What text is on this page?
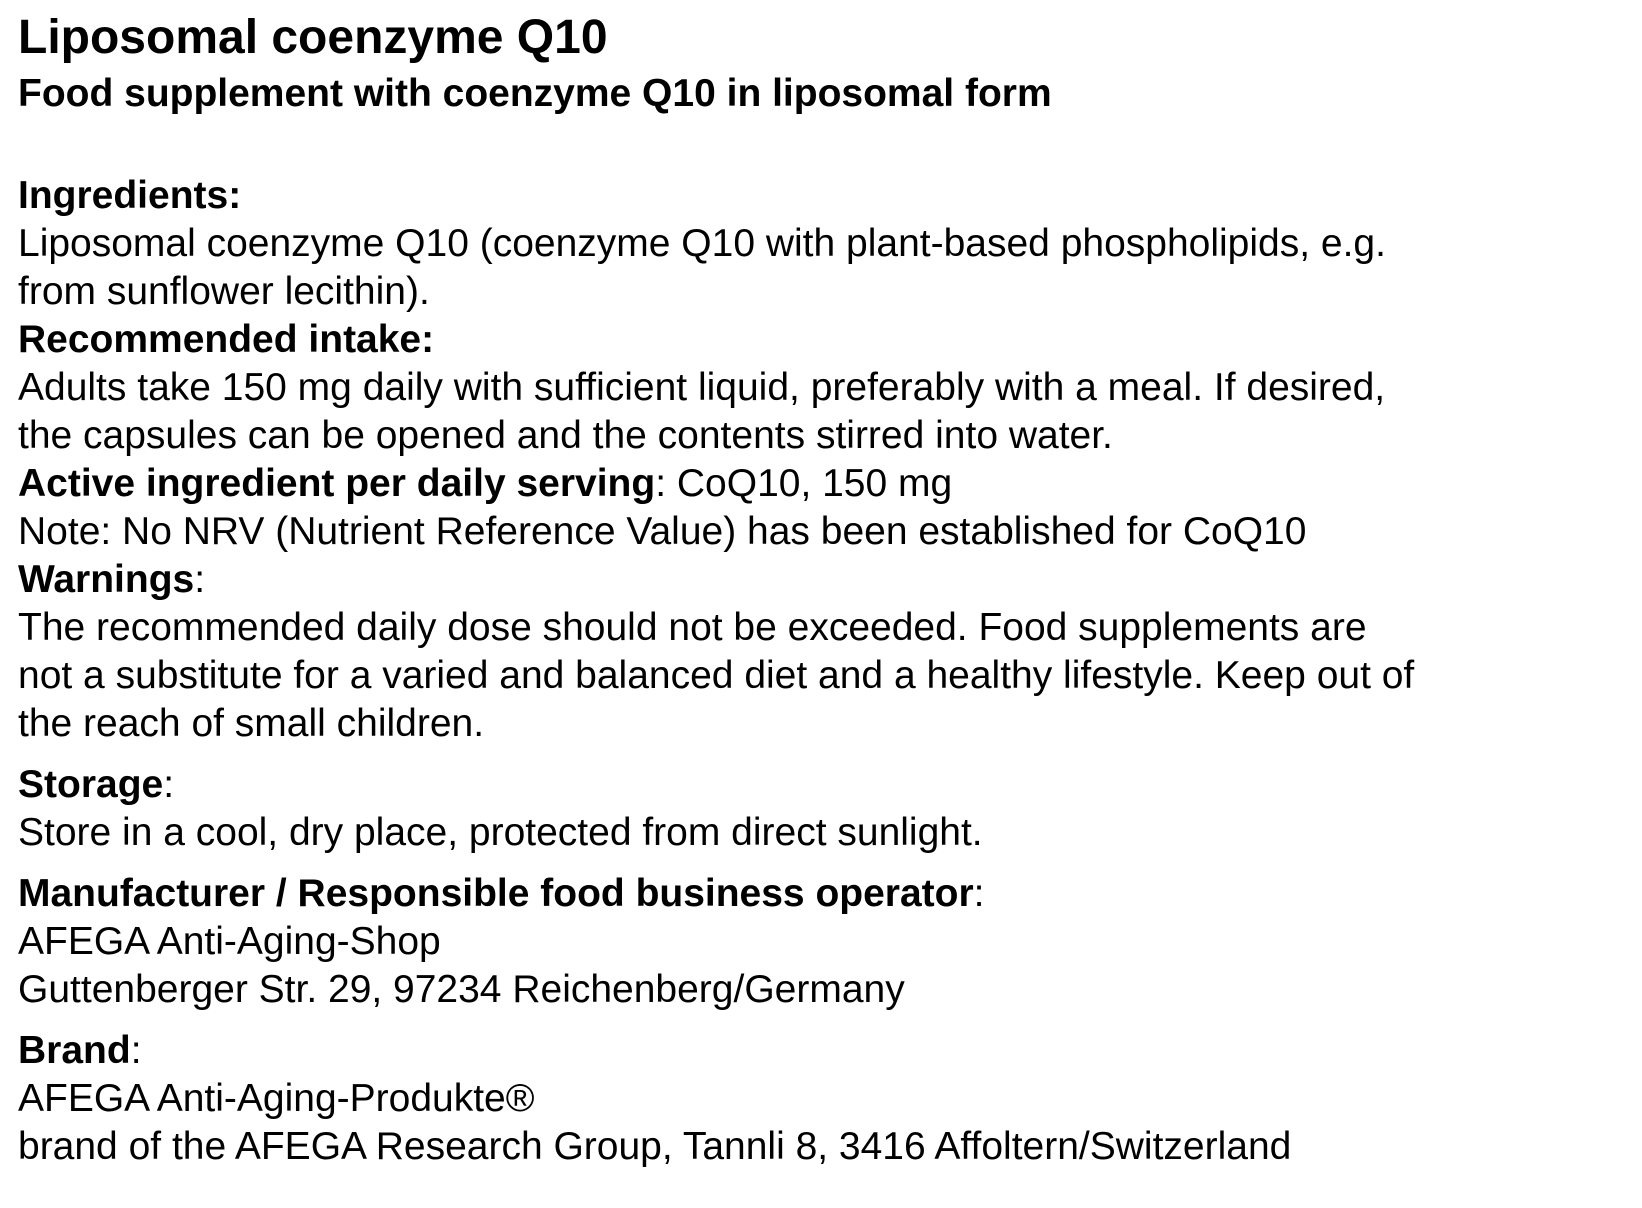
Liposomal coenzyme Q10
Food supplement with coenzyme Q10 in liposomal form

Ingredients:

Liposomal coenzyme Q10 (coenzyme Q10 with plant-based phospholipids, e.g.

from sunflower lecithin).

Recommended intake:

Adults take 150 mg daily with sufficient liquid, preferably with a meal. If desired,

the capsules can be opened and the contents stirred into water.

Active ingredient per daily serving: CoQ10, 150 mg

Note: No NRV (Nutrient Reference Value) has been established for CoQ10

Warnings:

The recommended daily dose should not be exceeded. Food supplements are

not a substitute for a varied and balanced diet and a healthy lifestyle. Keep out of

the reach of small children.

Storage:

Store in a cool, dry place, protected from direct sunlight.

Manufacturer / Responsible food business operator:

AFEGA Anti-Aging-Shop

Guttenberger Str. 29, 97234 Reichenberg/Germany

Brand:

AFEGA Anti-Aging-Produkte®

brand of the AFEGA Research Group, Tannli 8, 3416 Affoltern/Switzerland
